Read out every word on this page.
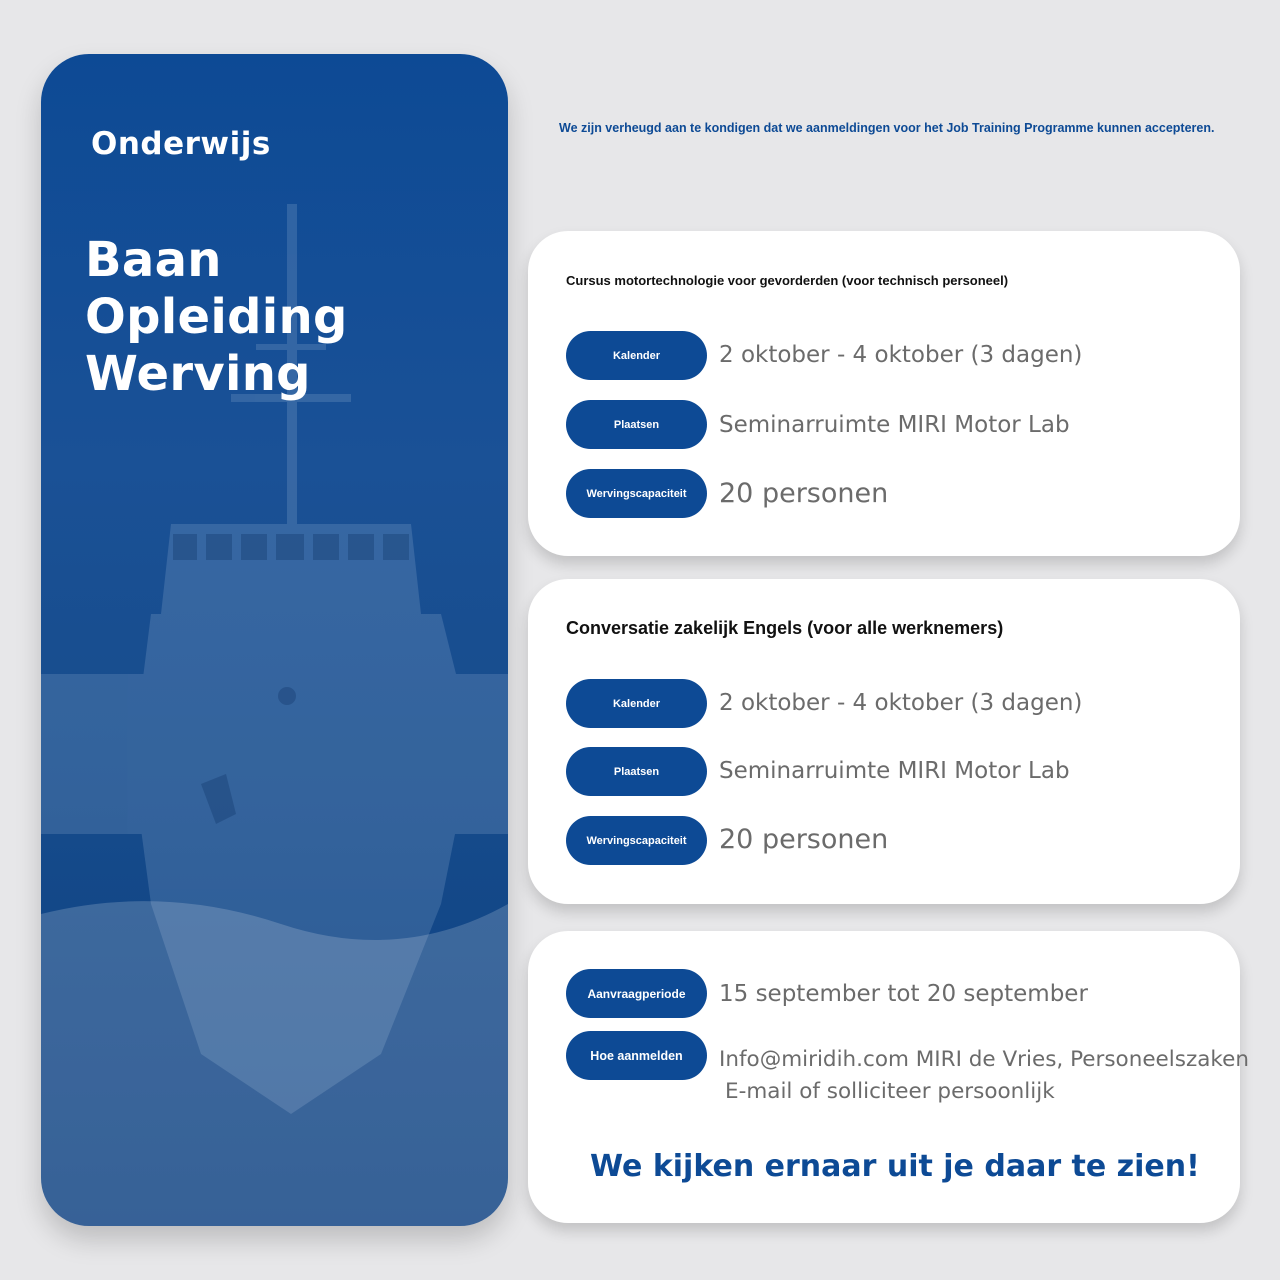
Onderwijs
Baan Opleiding
Werving
We zijn verheugd aan te kondigen dat we aanmeldingen voor het Job Training Programme kunnen accepteren.
Cursus motortechnologie voor gevorderden (voor technisch personeel)
Kalender	2 oktober - 4 oktober (3 dagen)
Plaatsen	Seminarruimte MIRI Motor Lab
Wervingscapaciteit	20 personen
Conversatie zakelijk Engels (voor alle werknemers)
Kalender	2 oktober - 4 oktober (3 dagen)
Plaatsen	Seminarruimte MIRI Motor Lab
Wervingscapaciteit	20 personen
Aanvraagperiode	15 september tot 20 september
Hoe aanmelden	Info@miridih.com MIRI de Vries, Personeelszaken
E-mail of solliciteer persoonlijk
We kijken ernaar uit je daar te zien!
